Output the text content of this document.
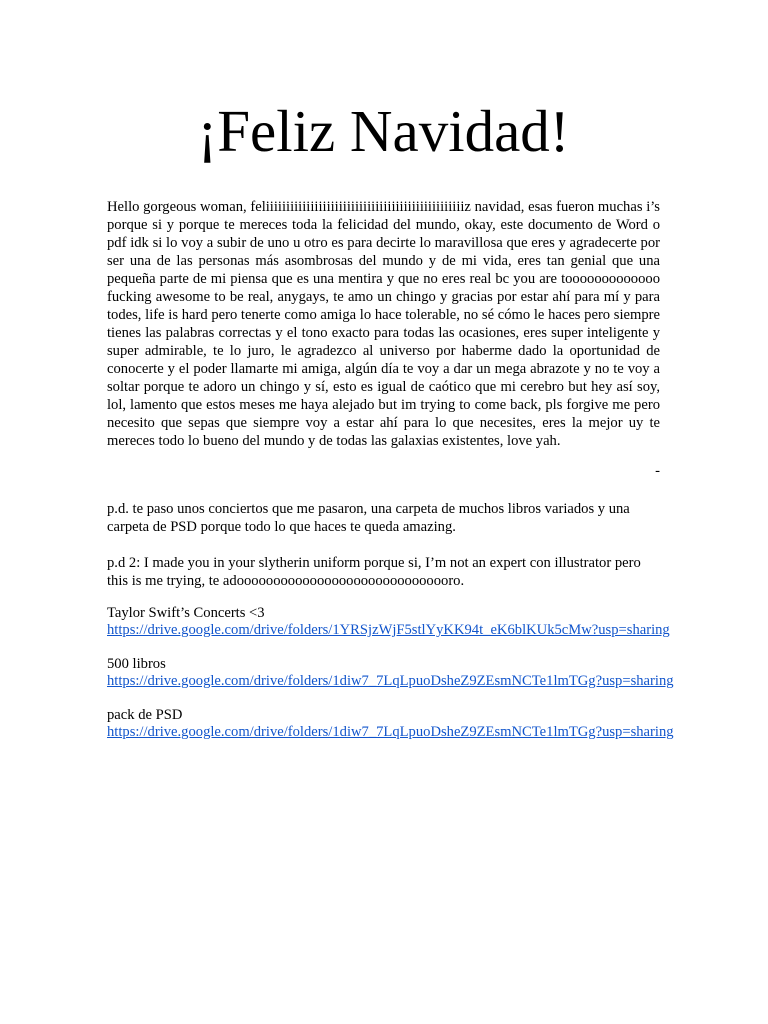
¡Feliz Navidad!

Hello gorgeous woman, feliiiiiiiiiiiiiiiiiiiiiiiiiiiiiiiiiiiiiiiiiiiiiiiiiz navidad, esas fueron muchas i’s porque si y porque te mereces toda la felicidad del mundo, okay, este documento de Word o pdf idk si lo voy a subir de uno u otro es para decirte lo maravillosa que eres y agradecerte por ser una de las personas más asombrosas del mundo y de mi vida, eres tan genial que una pequeña parte de mi piensa que es una mentira y que no eres real bc you are tooooooooooooo fucking awesome to be real, anygays, te amo un chingo y gracias por estar ahí para mí y para todes, life is hard pero tenerte como amiga lo hace tolerable, no sé cómo le haces pero siempre tienes las palabras correctas y el tono exacto para todas las ocasiones, eres super inteligente y super admirable, te lo juro, le agradezco al universo por haberme dado la oportunidad de conocerte y el poder llamarte mi amiga, algún día te voy a dar un mega abrazote y no te voy a soltar porque te adoro un chingo y sí, esto es igual de caótico que mi cerebro but hey así soy, lol, lamento que estos meses me haya alejado but im trying to come back, pls forgive me pero necesito que sepas que siempre voy a estar ahí para lo que necesites, eres la mejor uy te mereces todo lo bueno del mundo y de todas las galaxias existentes, love yah.

-

p.d. te paso unos conciertos que me pasaron, una carpeta de muchos libros variados y una carpeta de PSD porque todo lo que haces te queda amazing.

p.d 2: I made you in your slytherin uniform porque si, I’m not an expert con illustrator pero this is me trying, te adoooooooooooooooooooooooooooooro.

Taylor Swift’s Concerts <3
https://drive.google.com/drive/folders/1YRSjzWjF5stlYyKK94t_eK6blKUk5cMw?usp=sharing
500 libros
https://drive.google.com/drive/folders/1diw7_7LqLpuoDsheZ9ZEsmNCTe1lmTGg?usp=sharing
pack de PSD
https://drive.google.com/drive/folders/1diw7_7LqLpuoDsheZ9ZEsmNCTe1lmTGg?usp=sharing
